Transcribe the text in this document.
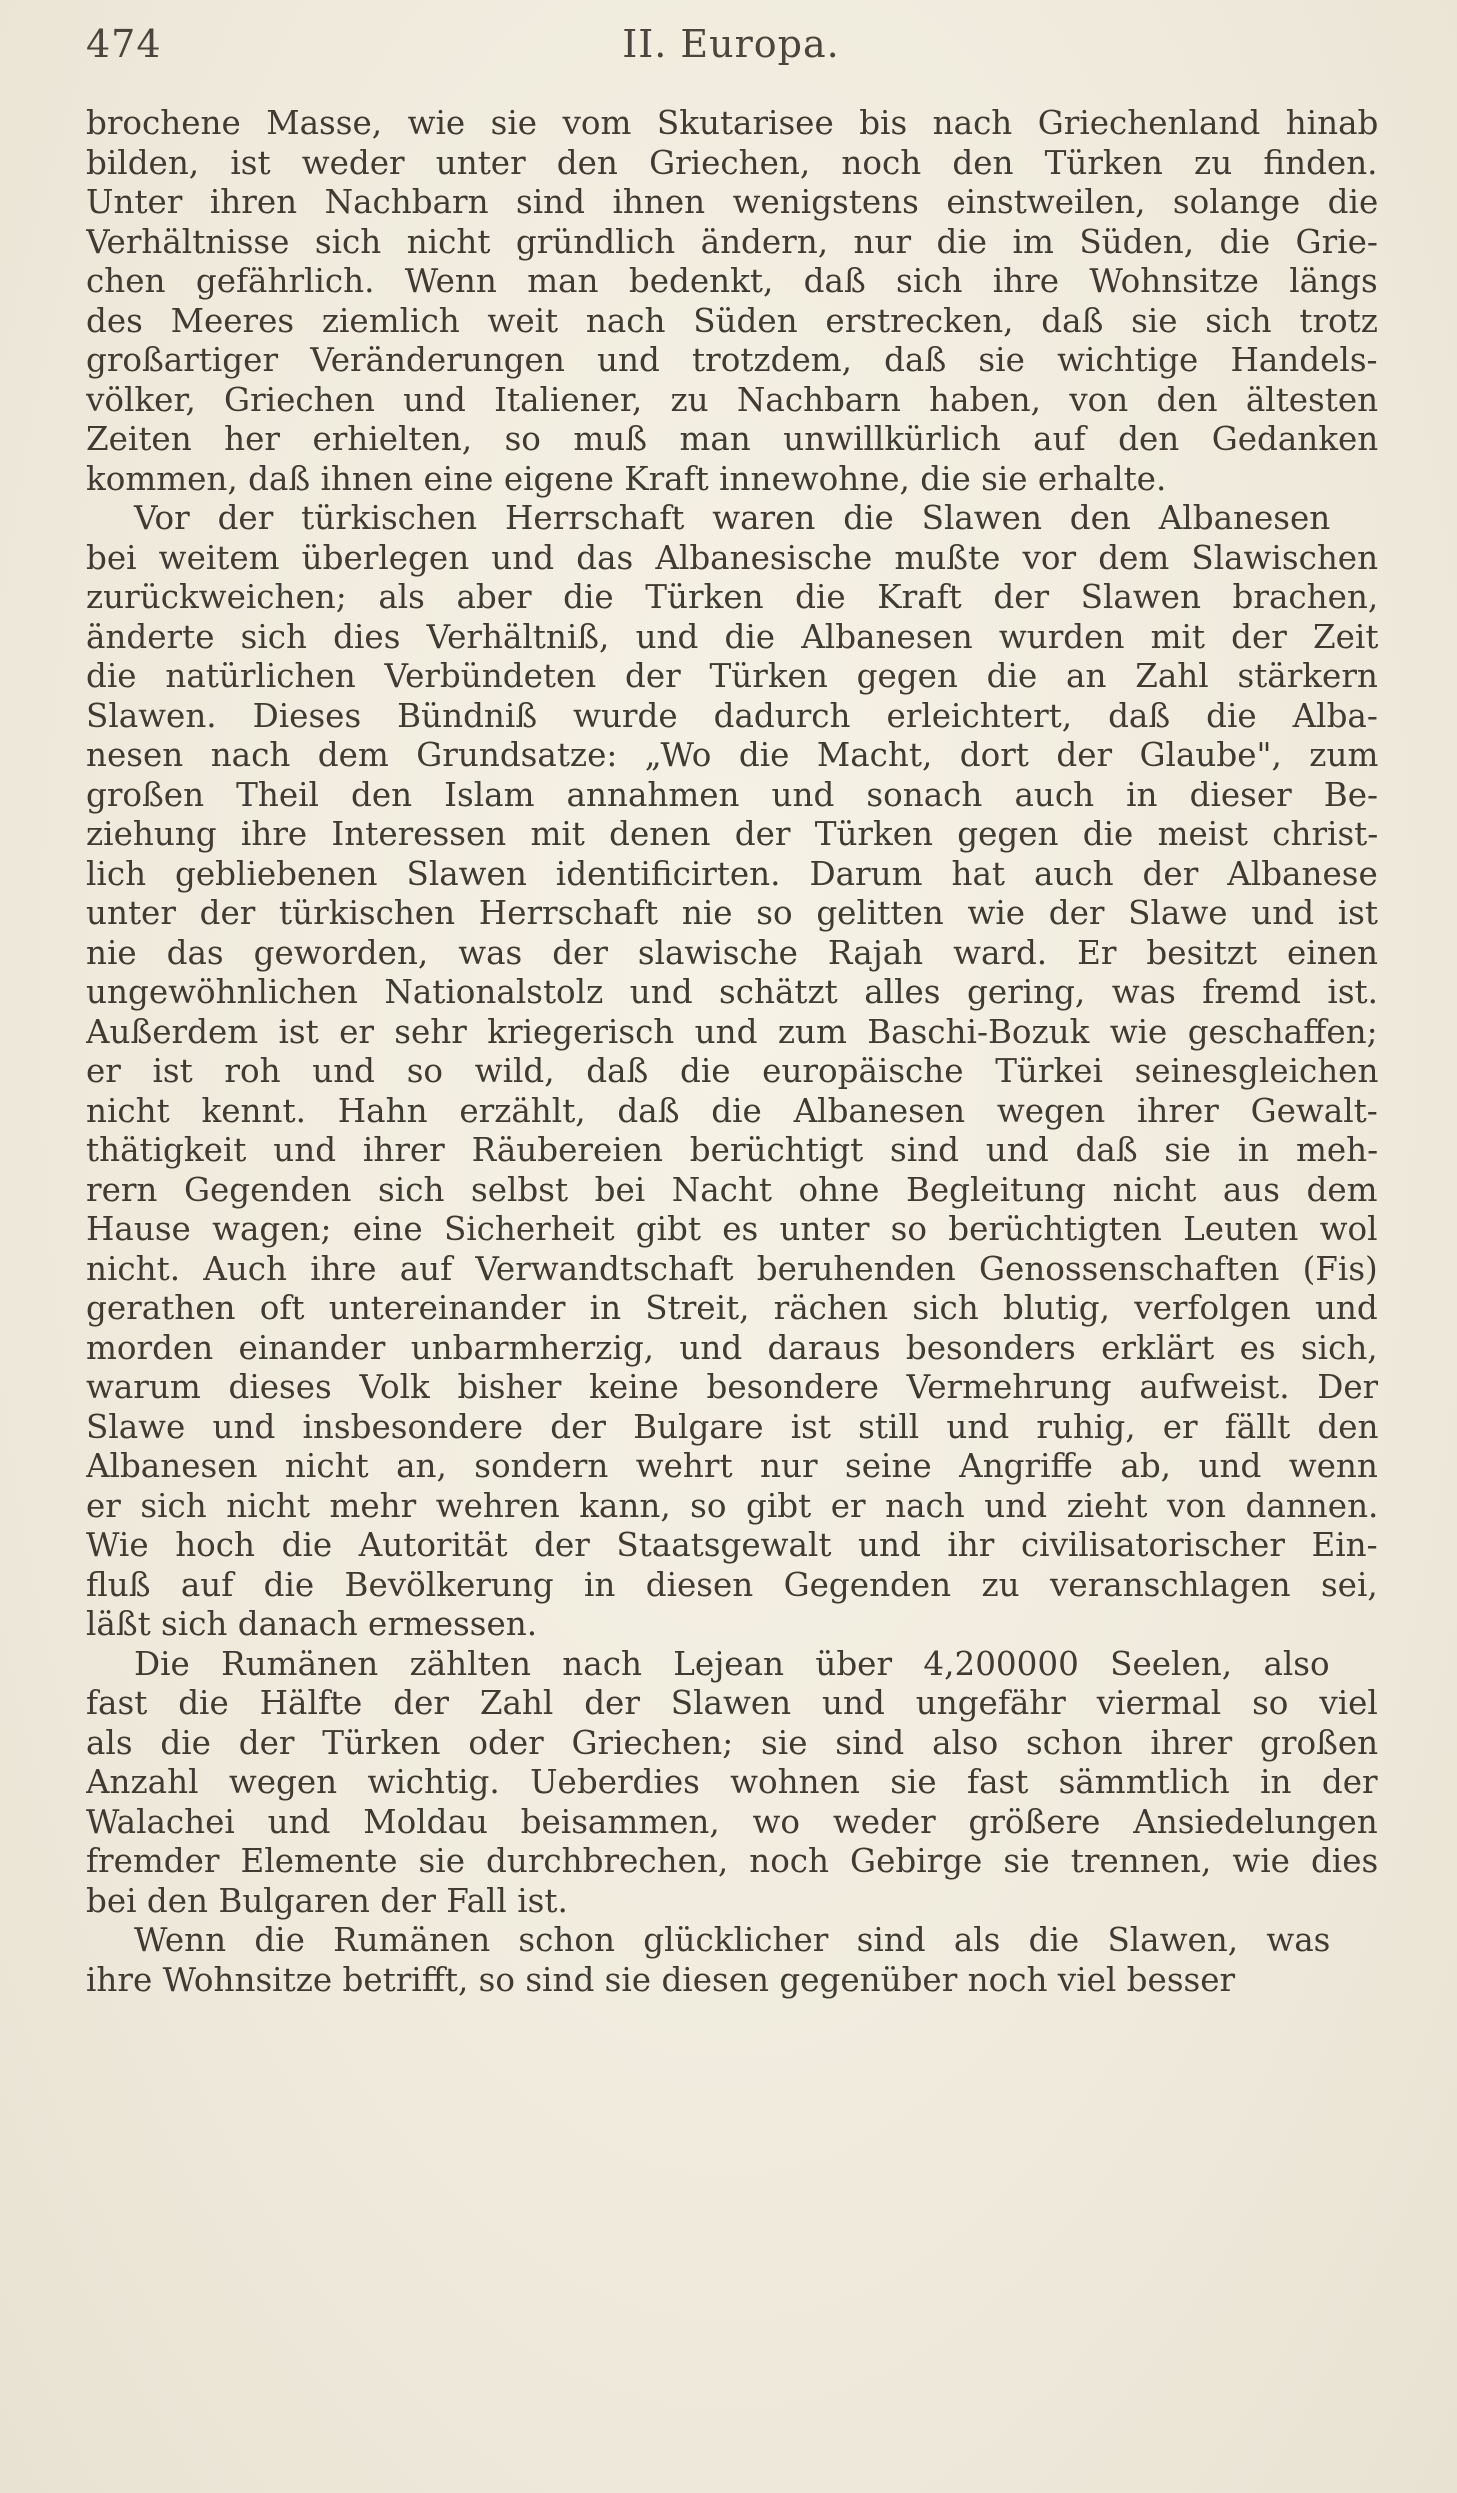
474	II. Europa.

brochene Masse, wie sie vom Skutarisee bis nach Griechenland hinab
bilden, ist weder unter den Griechen, noch den Türken zu finden.
Unter ihren Nachbarn sind ihnen wenigstens einstweilen, solange die
Verhältnisse sich nicht gründlich ändern, nur die im Süden, die Grie-
chen gefährlich. Wenn man bedenkt, daß sich ihre Wohnsitze längs
des Meeres ziemlich weit nach Süden erstrecken, daß sie sich trotz
großartiger Veränderungen und trotzdem, daß sie wichtige Handels-
völker, Griechen und Italiener, zu Nachbarn haben, von den ältesten
Zeiten her erhielten, so muß man unwillkürlich auf den Gedanken
kommen, daß ihnen eine eigene Kraft innewohne, die sie erhalte.

Vor der türkischen Herrschaft waren die Slawen den Albanesen
bei weitem überlegen und das Albanesische mußte vor dem Slawischen
zurückweichen; als aber die Türken die Kraft der Slawen brachen,
änderte sich dies Verhältniß, und die Albanesen wurden mit der Zeit
die natürlichen Verbündeten der Türken gegen die an Zahl stärkern
Slawen. Dieses Bündniß wurde dadurch erleichtert, daß die Alba-
nesen nach dem Grundsatze: „Wo die Macht, dort der Glaube", zum
großen Theil den Islam annahmen und sonach auch in dieser Be-
ziehung ihre Interessen mit denen der Türken gegen die meist christ-
lich gebliebenen Slawen identificirten. Darum hat auch der Albanese
unter der türkischen Herrschaft nie so gelitten wie der Slawe und ist
nie das geworden, was der slawische Rajah ward. Er besitzt einen
ungewöhnlichen Nationalstolz und schätzt alles gering, was fremd ist.
Außerdem ist er sehr kriegerisch und zum Baschi-Bozuk wie geschaffen;
er ist roh und so wild, daß die europäische Türkei seinesgleichen
nicht kennt. Hahn erzählt, daß die Albanesen wegen ihrer Gewalt-
thätigkeit und ihrer Räubereien berüchtigt sind und daß sie in meh-
rern Gegenden sich selbst bei Nacht ohne Begleitung nicht aus dem
Hause wagen; eine Sicherheit gibt es unter so berüchtigten Leuten wol
nicht. Auch ihre auf Verwandtschaft beruhenden Genossenschaften (Fis)
gerathen oft untereinander in Streit, rächen sich blutig, verfolgen und
morden einander unbarmherzig, und daraus besonders erklärt es sich,
warum dieses Volk bisher keine besondere Vermehrung aufweist. Der
Slawe und insbesondere der Bulgare ist still und ruhig, er fällt den
Albanesen nicht an, sondern wehrt nur seine Angriffe ab, und wenn
er sich nicht mehr wehren kann, so gibt er nach und zieht von dannen.
Wie hoch die Autorität der Staatsgewalt und ihr civilisatorischer Ein-
fluß auf die Bevölkerung in diesen Gegenden zu veranschlagen sei,
läßt sich danach ermessen.

Die Rumänen zählten nach Lejean über 4,200000 Seelen, also
fast die Hälfte der Zahl der Slawen und ungefähr viermal so viel
als die der Türken oder Griechen; sie sind also schon ihrer großen
Anzahl wegen wichtig. Ueberdies wohnen sie fast sämmtlich in der
Walachei und Moldau beisammen, wo weder größere Ansiedelungen
fremder Elemente sie durchbrechen, noch Gebirge sie trennen, wie dies
bei den Bulgaren der Fall ist.

Wenn die Rumänen schon glücklicher sind als die Slawen, was
ihre Wohnsitze betrifft, so sind sie diesen gegenüber noch viel besser
